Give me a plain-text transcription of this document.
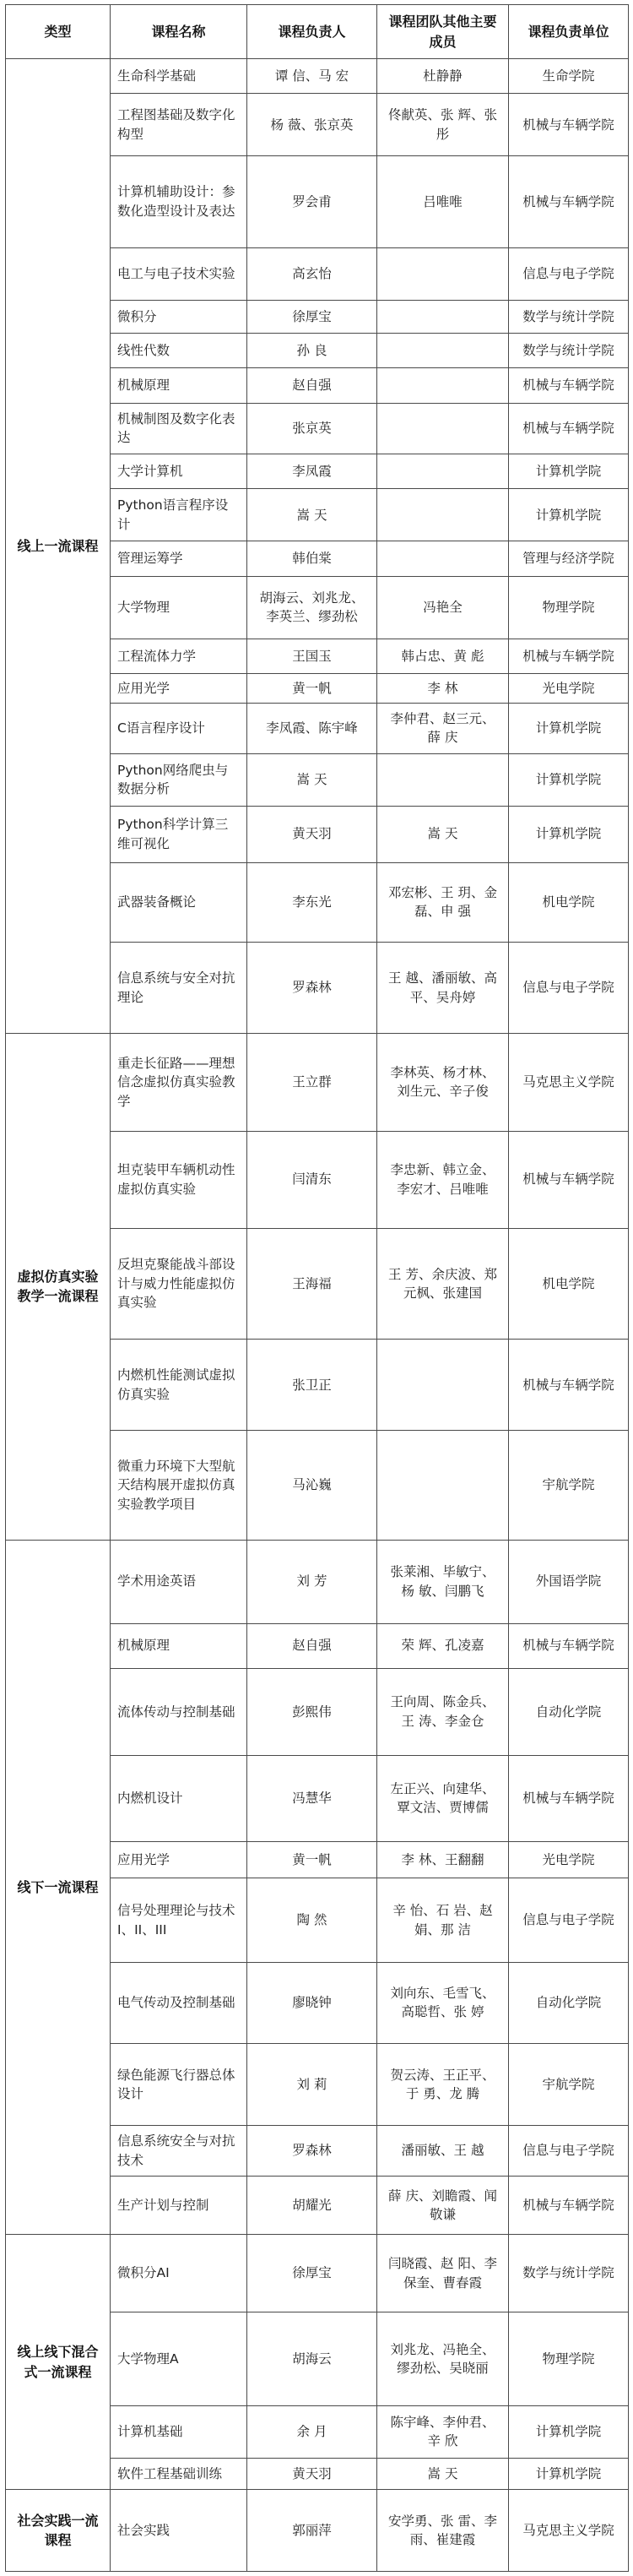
类型	课程名称	课程负责人	课程团队其他主要成员	课程负责单位
线上一流课程	生命科学基础	谭 信、马 宏	杜静静	生命学院
	工程图基础及数字化构型	杨 薇、张京英	佟献英、张 辉、张 彤	机械与车辆学院
	计算机辅助设计：参数化造型设计及表达	罗会甫	吕唯唯	机械与车辆学院
	电工与电子技术实验	高玄怡		信息与电子学院
	微积分	徐厚宝		数学与统计学院
	线性代数	孙 良		数学与统计学院
	机械原理	赵自强		机械与车辆学院
	机械制图及数字化表达	张京英		机械与车辆学院
	大学计算机	李凤霞		计算机学院
	Python语言程序设计	嵩 天		计算机学院
	管理运筹学	韩伯棠		管理与经济学院
	大学物理	胡海云、刘兆龙、李英兰、缪劲松	冯艳全	物理学院
	工程流体力学	王国玉	韩占忠、黄 彪	机械与车辆学院
	应用光学	黄一帆	李 林	光电学院
	C语言程序设计	李凤霞、陈宇峰	李仲君、赵三元、薛 庆	计算机学院
	Python网络爬虫与数据分析	嵩 天		计算机学院
	Python科学计算三维可视化	黄天羽	嵩 天	计算机学院
	武器装备概论	李东光	邓宏彬、王 玥、金 磊、申 强	机电学院
	信息系统与安全对抗理论	罗森林	王 越、潘丽敏、高 平、吴舟婷	信息与电子学院
虚拟仿真实验教学一流课程	重走长征路——理想信念虚拟仿真实验教学	王立群	李林英、杨才林、刘生元、辛子俊	马克思主义学院
	坦克装甲车辆机动性虚拟仿真实验	闫清东	李忠新、韩立金、李宏才、吕唯唯	机械与车辆学院
	反坦克聚能战斗部设计与威力性能虚拟仿真实验	王海福	王 芳、余庆波、郑元枫、张建国	机电学院
	内燃机性能测试虚拟仿真实验	张卫正		机械与车辆学院
	微重力环境下大型航天结构展开虚拟仿真实验教学项目	马沁巍		宇航学院
线下一流课程	学术用途英语	刘 芳	张莱湘、毕敏宁、杨 敏、闫鹏飞	外国语学院
	机械原理	赵自强	荣 辉、孔凌嘉	机械与车辆学院
	流体传动与控制基础	彭熙伟	王向周、陈金兵、王 涛、李金仓	自动化学院
	内燃机设计	冯慧华	左正兴、向建华、覃文洁、贾博儒	机械与车辆学院
	应用光学	黄一帆	李 林、王翻翻	光电学院
	信号处理理论与技术I、II、III	陶 然	辛 怡、石 岩、赵 娟、那 洁	信息与电子学院
	电气传动及控制基础	廖晓钟	刘向东、毛雪飞、高聪哲、张 婷	自动化学院
	绿色能源飞行器总体设计	刘 莉	贺云涛、王正平、于 勇、龙 腾	宇航学院
	信息系统安全与对抗技术	罗森林	潘丽敏、王 越	信息与电子学院
	生产计划与控制	胡耀光	薛 庆、刘瞻霞、闻敬谦	机械与车辆学院
线上线下混合式一流课程	微积分AI	徐厚宝	闫晓霞、赵 阳、李保奎、曹春霞	数学与统计学院
	大学物理A	胡海云	刘兆龙、冯艳全、缪劲松、吴晓丽	物理学院
	计算机基础	余 月	陈宇峰、李仲君、辛 欣	计算机学院
	软件工程基础训练	黄天羽	嵩 天	计算机学院
社会实践一流课程	社会实践	郭丽萍	安学勇、张 雷、李 雨、崔建霞	马克思主义学院
